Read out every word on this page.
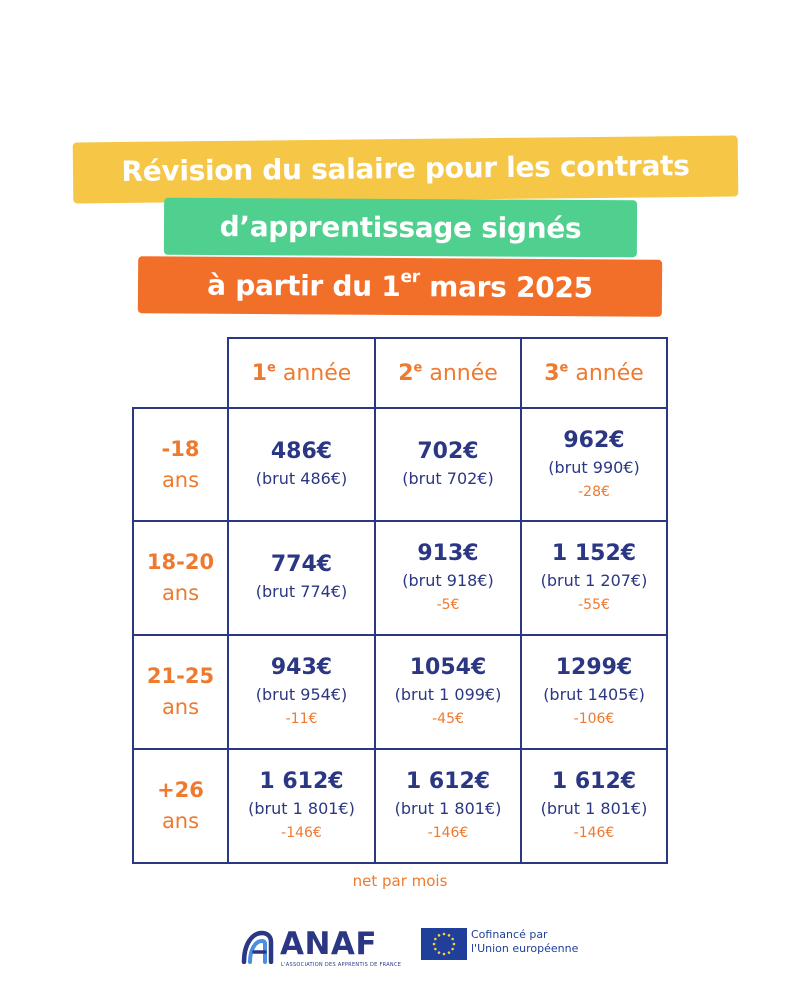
Révision du salaire pour les contrats
d’apprentissage signés
à partir du 1er mars 2025
1e année 2e année 3e année
-18
ans
486€
(brut 486€)
702€
(brut 702€)
962€
(brut 990€)
-28€
18-20
ans
774€
(brut 774€)
913€
(brut 918€)
-5€
1 152€
(brut 1 207€)
-55€
21-25
ans
943€
(brut 954€)
-11€
1054€
(brut 1 099€)
-45€
1299€
(brut 1405€)
-106€
+26
ans
1 612€
(brut 1 801€)
-146€
1 612€
(brut 1 801€)
-146€
1 612€
(brut 1 801€)
-146€
net par mois
ANAF
L'ASSOCIATION DES APPRENTIS DE FRANCE
Cofinancé par
l'Union européenne
